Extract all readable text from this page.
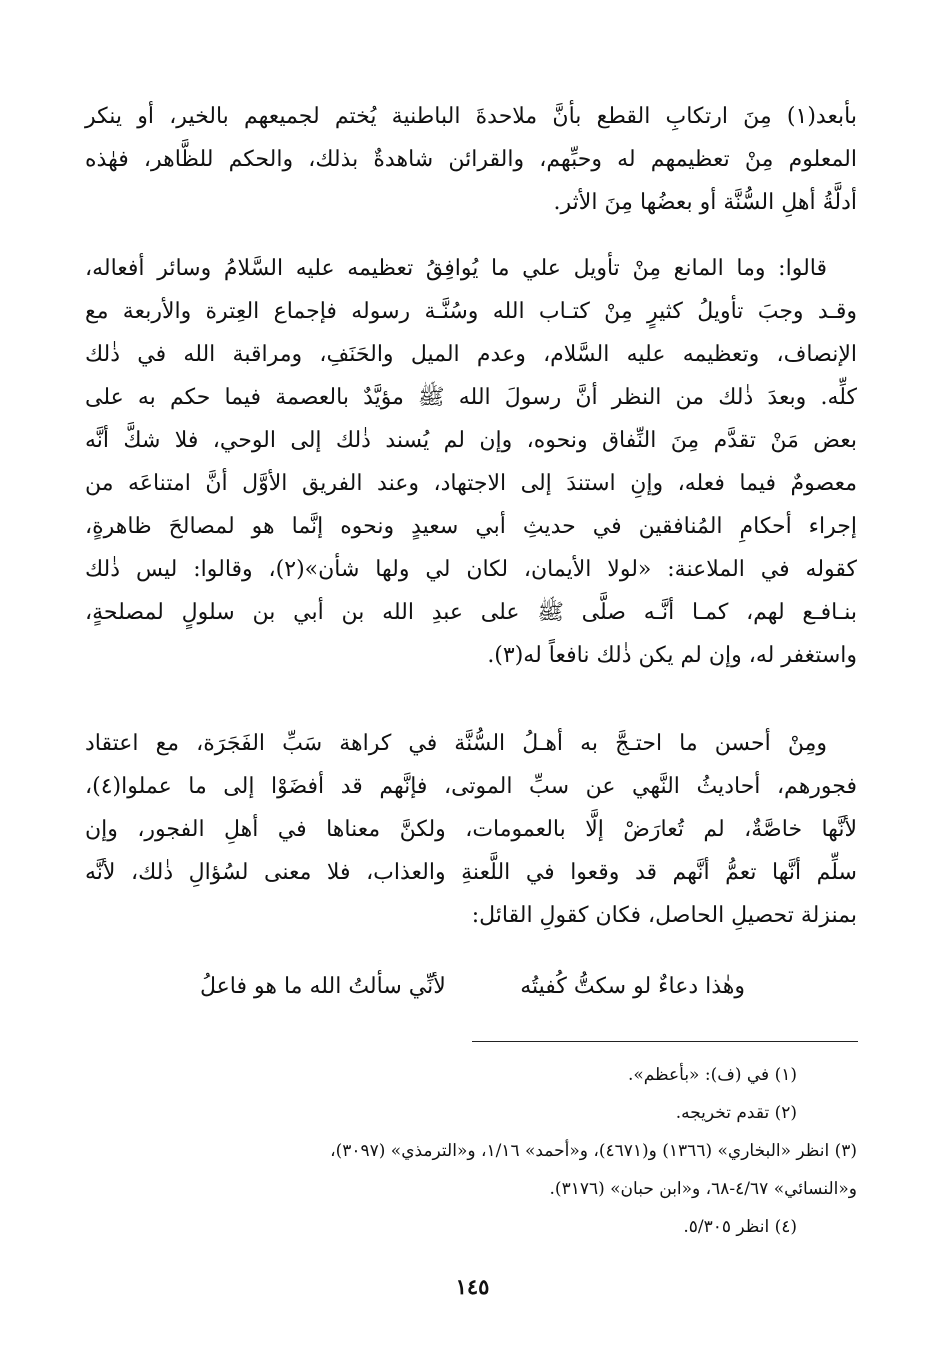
بأبعد(١) مِنَ ارتكابِ القطع بأنَّ ملاحدةَ الباطنية يُختم لجميعهم بالخير، أو ينكر
المعلوم مِنْ تعظيمهم له وحبِّهم، والقرائن شاهدةٌ بذلك، والحكم للظَّاهر، فهٰذه
أدلَّةُ أهلِ السُّنَّة أو بعضُها مِنَ الأثر.
قالوا: وما المانع مِنْ تأويل علي ما يُوافِقُ تعظيمه عليه السَّلامُ وسائر أفعاله،
وقـد وجبَ تأويلُ كثيرٍ مِنْ كتـاب الله وسُنَّـة رسوله فإجماع العِترة والأربعة مع
الإنصاف، وتعظيمه عليه السَّلام، وعدم الميل والحَنَفِ، ومراقبة الله في ذٰلك
كلِّه. وبعدَ ذٰلك من النظر أنَّ رسولَ الله ﷺ مؤيَّدٌ بالعصمة فيما حكم به على
بعض مَنْ تقدَّم مِنَ النِّفاق ونحوه، وإن لم يُسند ذٰلك إلى الوحي، فلا شكَّ أنَّه
معصومٌ فيما فعله، وإنِ استندَ إلى الاجتهاد، وعند الفريق الأوَّل أنَّ امتناعَه من
إجراء أحكامِ المُنافقين في حديثِ أبي سعيدٍ ونحوه إنَّما هو لمصالحَ ظاهرةٍ،
كقوله في الملاعنة: «لولا الأيمان، لكان لي ولها شأن»(٢)، وقالوا: ليس ذٰلك
بنـافـع لهم، كمـا أنَّـه صلَّى ﷺ على عبدِ الله بن أبي بن سلولٍ لمصلحةٍ،
واستغفر له، وإن لم يكن ذٰلك نافعاً له(٣).
ومِنْ أحسن ما احتـجَّ به أهـلُ السُّنَّة في كراهة سَبِّ الفَجَرَة، مع اعتقاد
فجورهم، أحاديثُ النَّهي عن سبِّ الموتى، فإنَّهم قد أفضَوْا إلى ما عملوا(٤)،
لأنَّها خاصَّةٌ، لم تُعارَضْ إلَّا بالعمومات، ولكنَّ معناها في أهلِ الفجور، وإن
سلِّم أنَّها تعمُّ أنَّهم قد وقعوا في اللَّعنةِ والعذاب، فلا معنى لسُؤالِ ذٰلك، لأنَّه
بمنزلة تحصيلِ الحاصل، فكان كقولِ القائل:
وهٰذا دعاءٌ لو سكتُّ كُفيتُه
لأنِّي سألتُ الله ما هو فاعلُ
(١) في (ف): «بأعظم».
(٢) تقدم تخريجه.
(٣) انظر «البخاري» (١٣٦٦) و(٤٦٧١)، و«أحمد» ١/١٦، و«الترمذي» (٣٠٩٧)،
و«النسائي» ٤/٦٧-٦٨، و«ابن حبان» (٣١٧٦).
(٤) انظر ٥/٣٠٥.
١٤٥
